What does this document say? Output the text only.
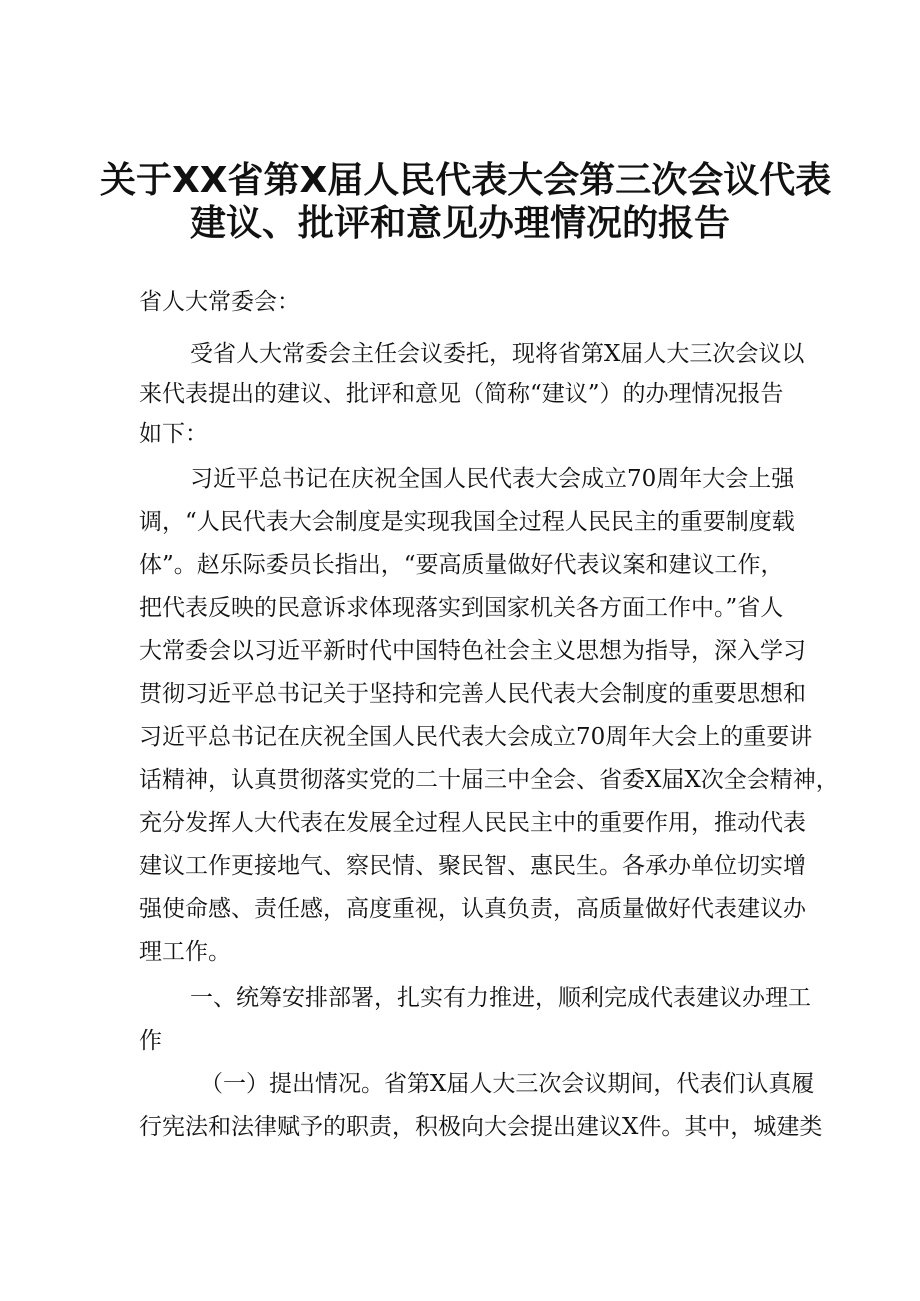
关于XX省第X届人民代表大会第三次会议代表
建议、批评和意见办理情况的报告
省人大常委会：
受省人大常委会主任会议委托，现将省第X届人大三次会议以
来代表提出的建议、批评和意见（简称“建议”）的办理情况报告
如下：
习近平总书记在庆祝全国人民代表大会成立70周年大会上强
调，“人民代表大会制度是实现我国全过程人民民主的重要制度载
体”。赵乐际委员长指出，“要高质量做好代表议案和建议工作，
把代表反映的民意诉求体现落实到国家机关各方面工作中。”省人
大常委会以习近平新时代中国特色社会主义思想为指导，深入学习
贯彻习近平总书记关于坚持和完善人民代表大会制度的重要思想和
习近平总书记在庆祝全国人民代表大会成立70周年大会上的重要讲
话精神，认真贯彻落实党的二十届三中全会、省委X届X次全会精神，
充分发挥人大代表在发展全过程人民民主中的重要作用，推动代表
建议工作更接地气、察民情、聚民智、惠民生。各承办单位切实增
强使命感、责任感，高度重视，认真负责，高质量做好代表建议办
理工作。
一、统筹安排部署，扎实有力推进，顺利完成代表建议办理工
作
（一）提出情况。省第X届人大三次会议期间，代表们认真履
行宪法和法律赋予的职责，积极向大会提出建议X件。其中，城建类
